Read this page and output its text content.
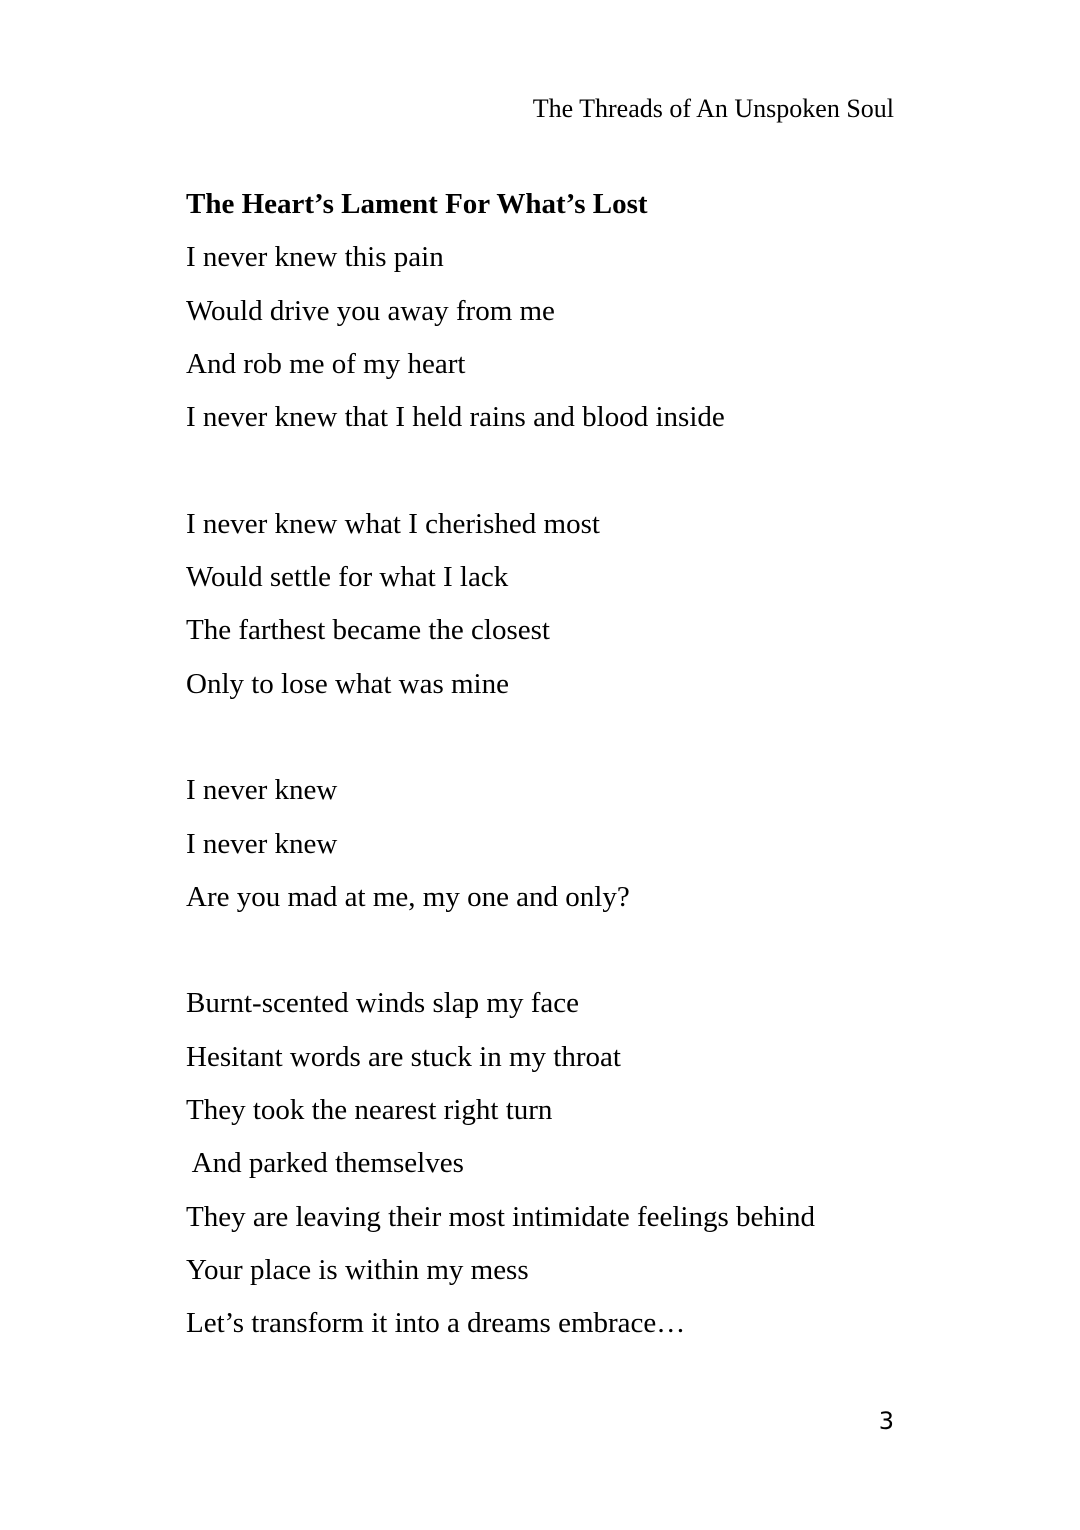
The Threads of An Unspoken Soul
The Heart’s Lament For What’s Lost
I never knew this pain
Would drive you away from me
And rob me of my heart
I never knew that I held rains and blood inside
I never knew what I cherished most
Would settle for what I lack
The farthest became the closest
Only to lose what was mine
I never knew
I never knew
Are you mad at me, my one and only?
Burnt-scented winds slap my face
Hesitant words are stuck in my throat
They took the nearest right turn
And parked themselves
They are leaving their most intimidate feelings behind
Your place is within my mess
Let’s transform it into a dreams embrace…
3
